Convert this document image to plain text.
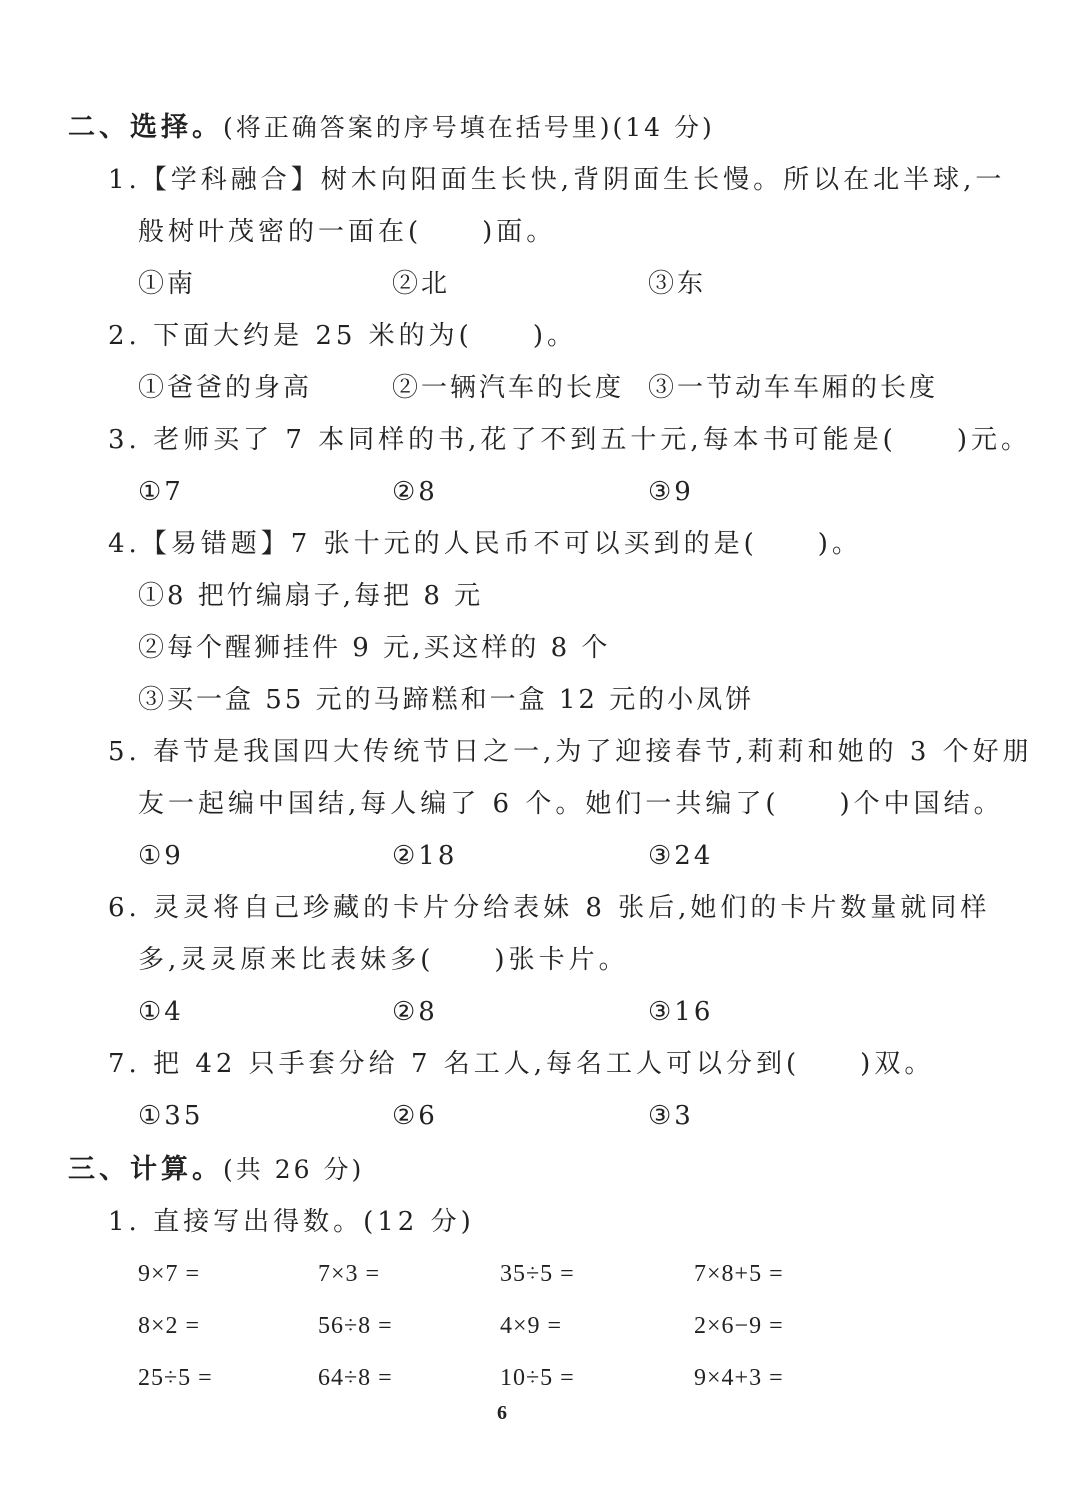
二、选择。(将正确答案的序号填在括号里)(14 分)
1.【学科融合】树木向阳面生长快,背阴面生长慢。所以在北半球,一
般树叶茂密的一面在( )面。
①南	②北	③东
2. 下面大约是 25 米的为( )。
①爸爸的身高	②一辆汽车的长度 ③一节动车车厢的长度
3. 老师买了 7 本同样的书,花了不到五十元,每本书可能是( )元。
①7	②8	③9
4.【易错题】7 张十元的人民币不可以买到的是( )。
①8 把竹编扇子,每把 8 元
②每个醒狮挂件 9 元,买这样的 8 个
③买一盒 55 元的马蹄糕和一盒 12 元的小凤饼
5. 春节是我国四大传统节日之一,为了迎接春节,莉莉和她的 3 个好朋
友一起编中国结,每人编了 6 个。她们一共编了( )个中国结。
①9	②18	③24
6. 灵灵将自己珍藏的卡片分给表妹 8 张后,她们的卡片数量就同样
多,灵灵原来比表妹多( )张卡片。
①4	②8	③16
7. 把 42 只手套分给 7 名工人,每名工人可以分到( )双。
①35	②6	③3
三、计算。(共 26 分)
1. 直接写出得数。(12 分)
9×7 =	7×3 =	35÷5 =	7×8+5 =
8×2 =	56÷8 =	4×9 =	2×6−9 =
25÷5 =	64÷8 =	10÷5 =	9×4+3 =
6
